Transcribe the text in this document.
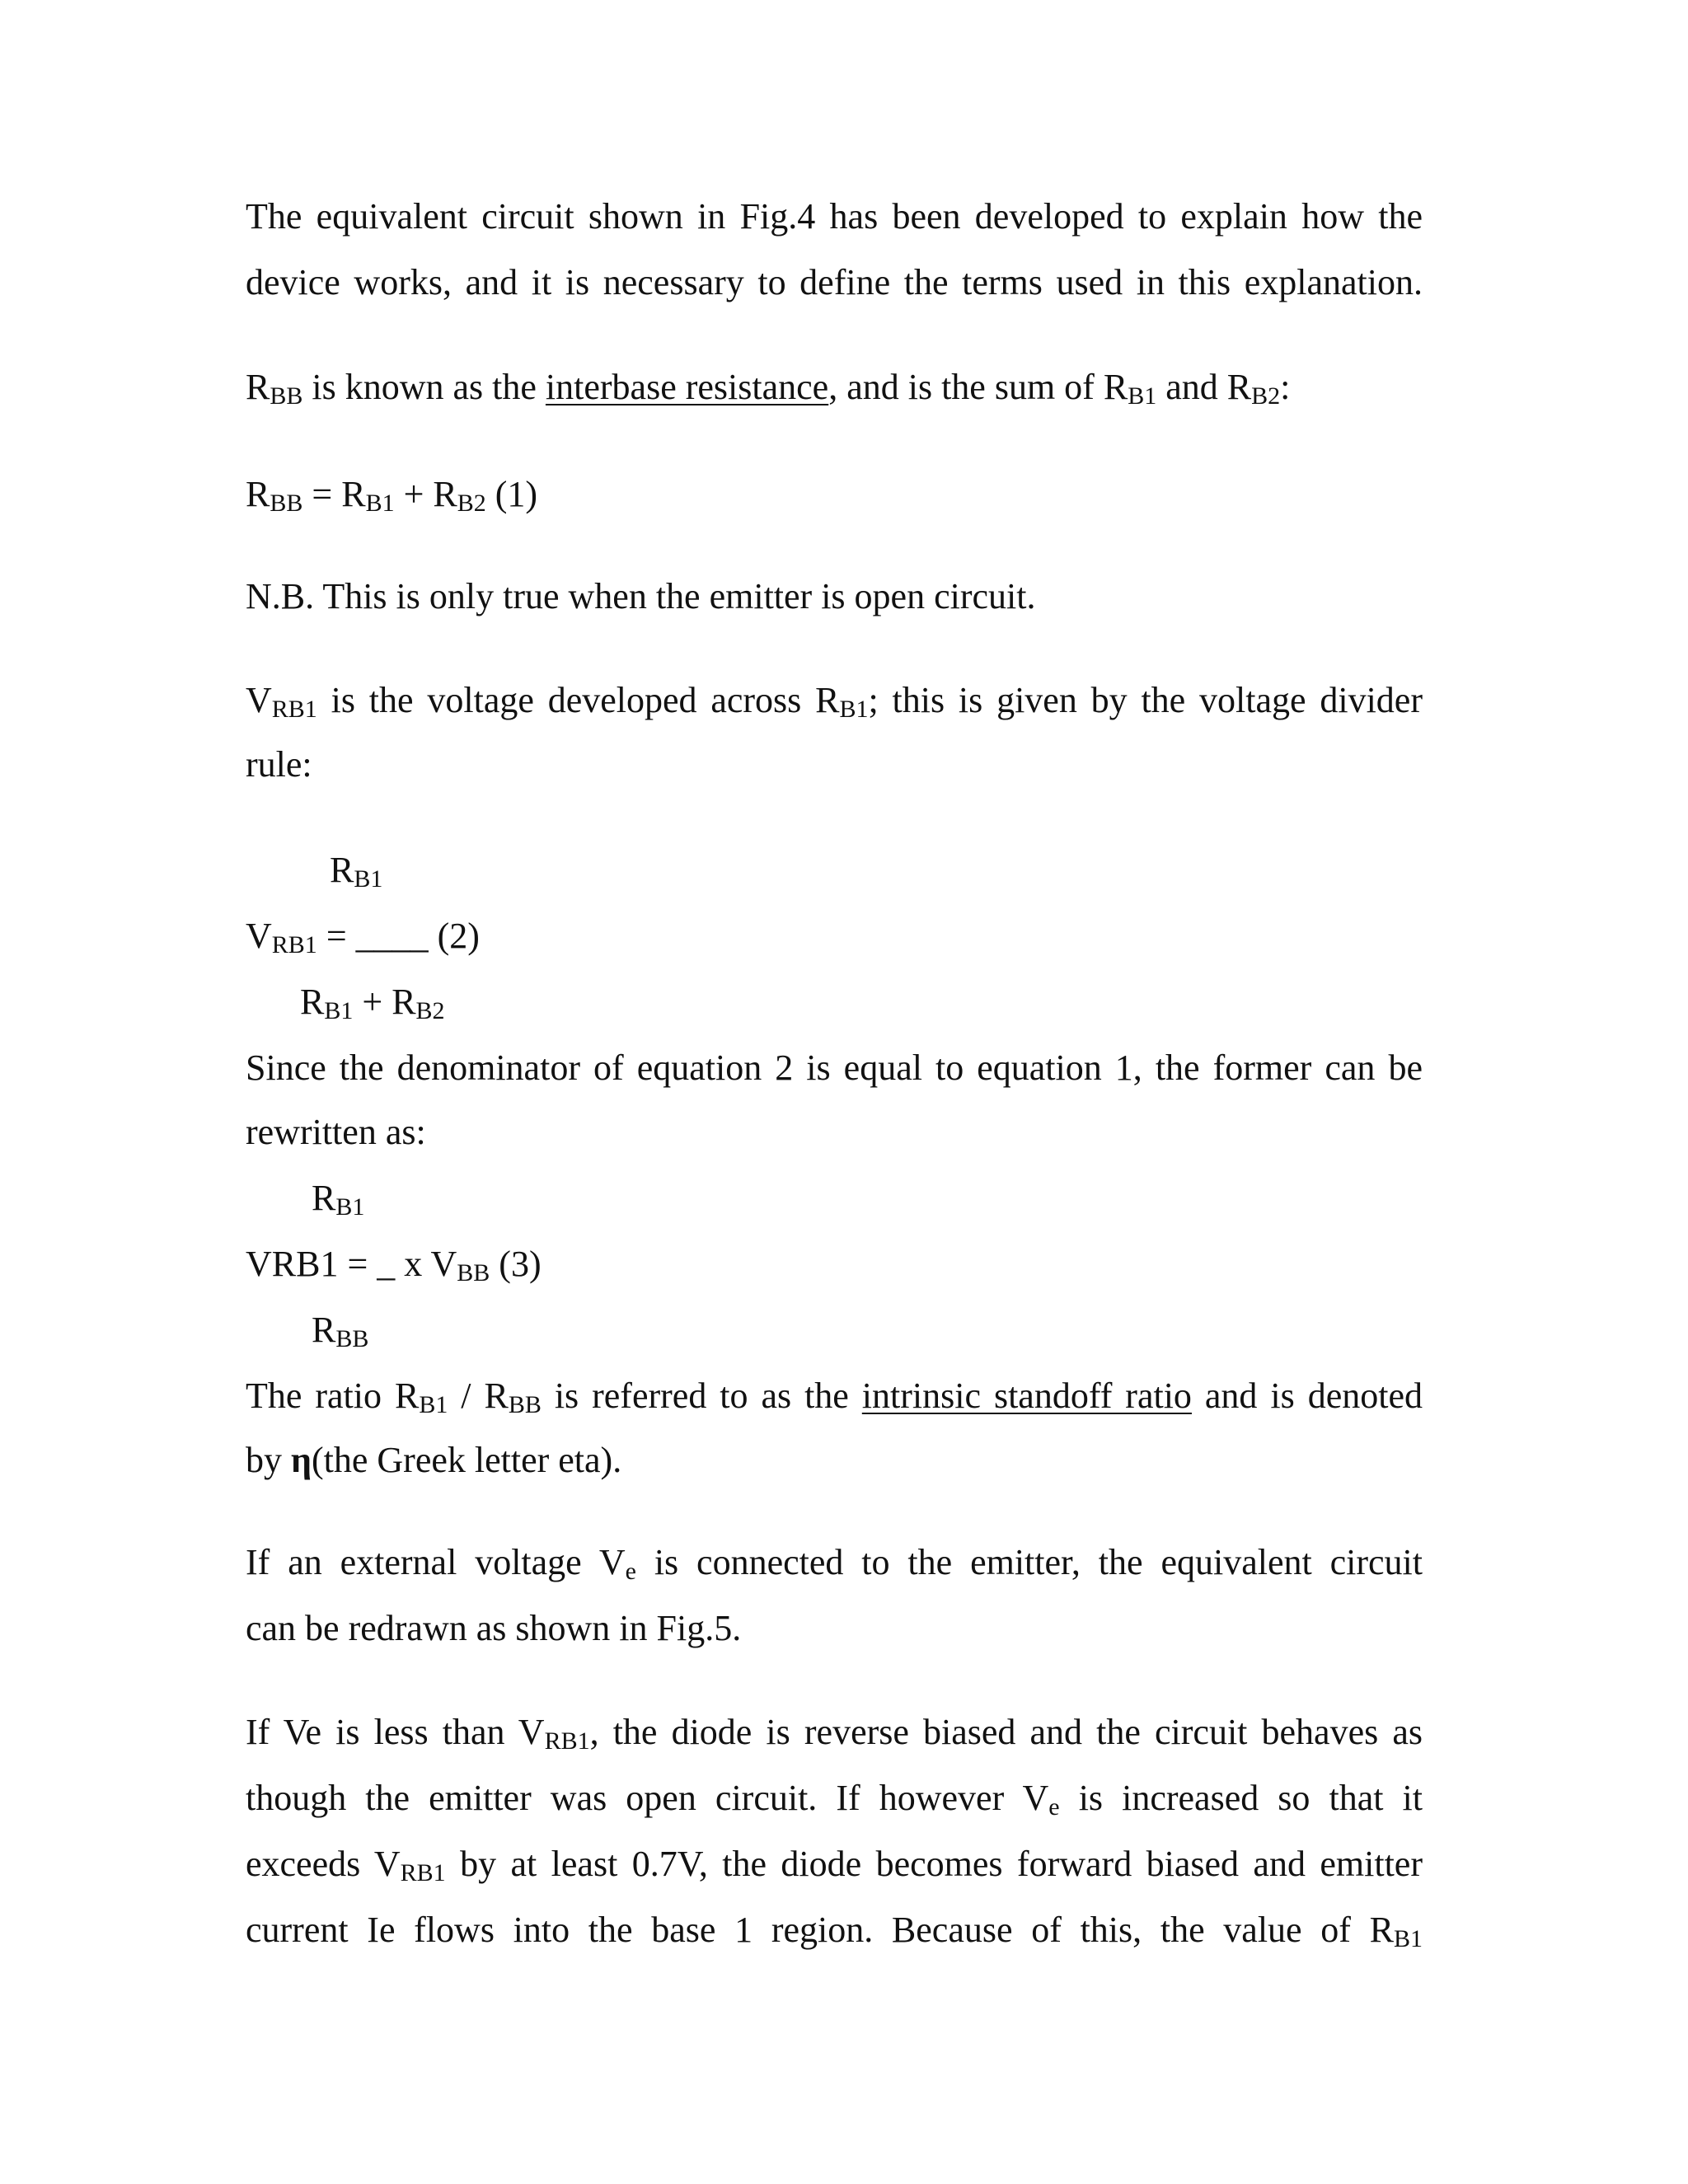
The equivalent circuit shown in Fig.4 has been developed to explain how the
device works, and it is necessary to define the terms used in this explanation.
$R_{BB}$ is known as the interbase resistance, and is the sum of $R_{B1}$ and $R_{B2}$:
$R_{BB} = R_{B1} + R_{B2}$ (1)
N.B. This is only true when the emitter is open circuit.
$V_{RB1}$ is the voltage developed across $R_{B1}$; this is given by the voltage divider
rule:
$R_{B1}$
$V_{RB1}$ = ____ (2)
$R_{B1} + R_{B2}$
Since the denominator of equation 2 is equal to equation 1, the former can be
rewritten as:
$R_{B1}$
VRB1 = _ x $V_{BB}$ (3)
$R_{BB}$
The ratio $R_{B1} / R_{BB}$ is referred to as the intrinsic standoff ratio and is denoted
by η(the Greek letter eta).
If an external voltage $V_e$ is connected to the emitter, the equivalent circuit
can be redrawn as shown in Fig.5.
If Ve is less than $V_{RB1}$, the diode is reverse biased and the circuit behaves as
though the emitter was open circuit. If however $V_e$ is increased so that it
exceeds $V_{RB1}$ by at least 0.7V, the diode becomes forward biased and emitter
current Ie flows into the base 1 region. Because of this, the value of $R_{B1}$
